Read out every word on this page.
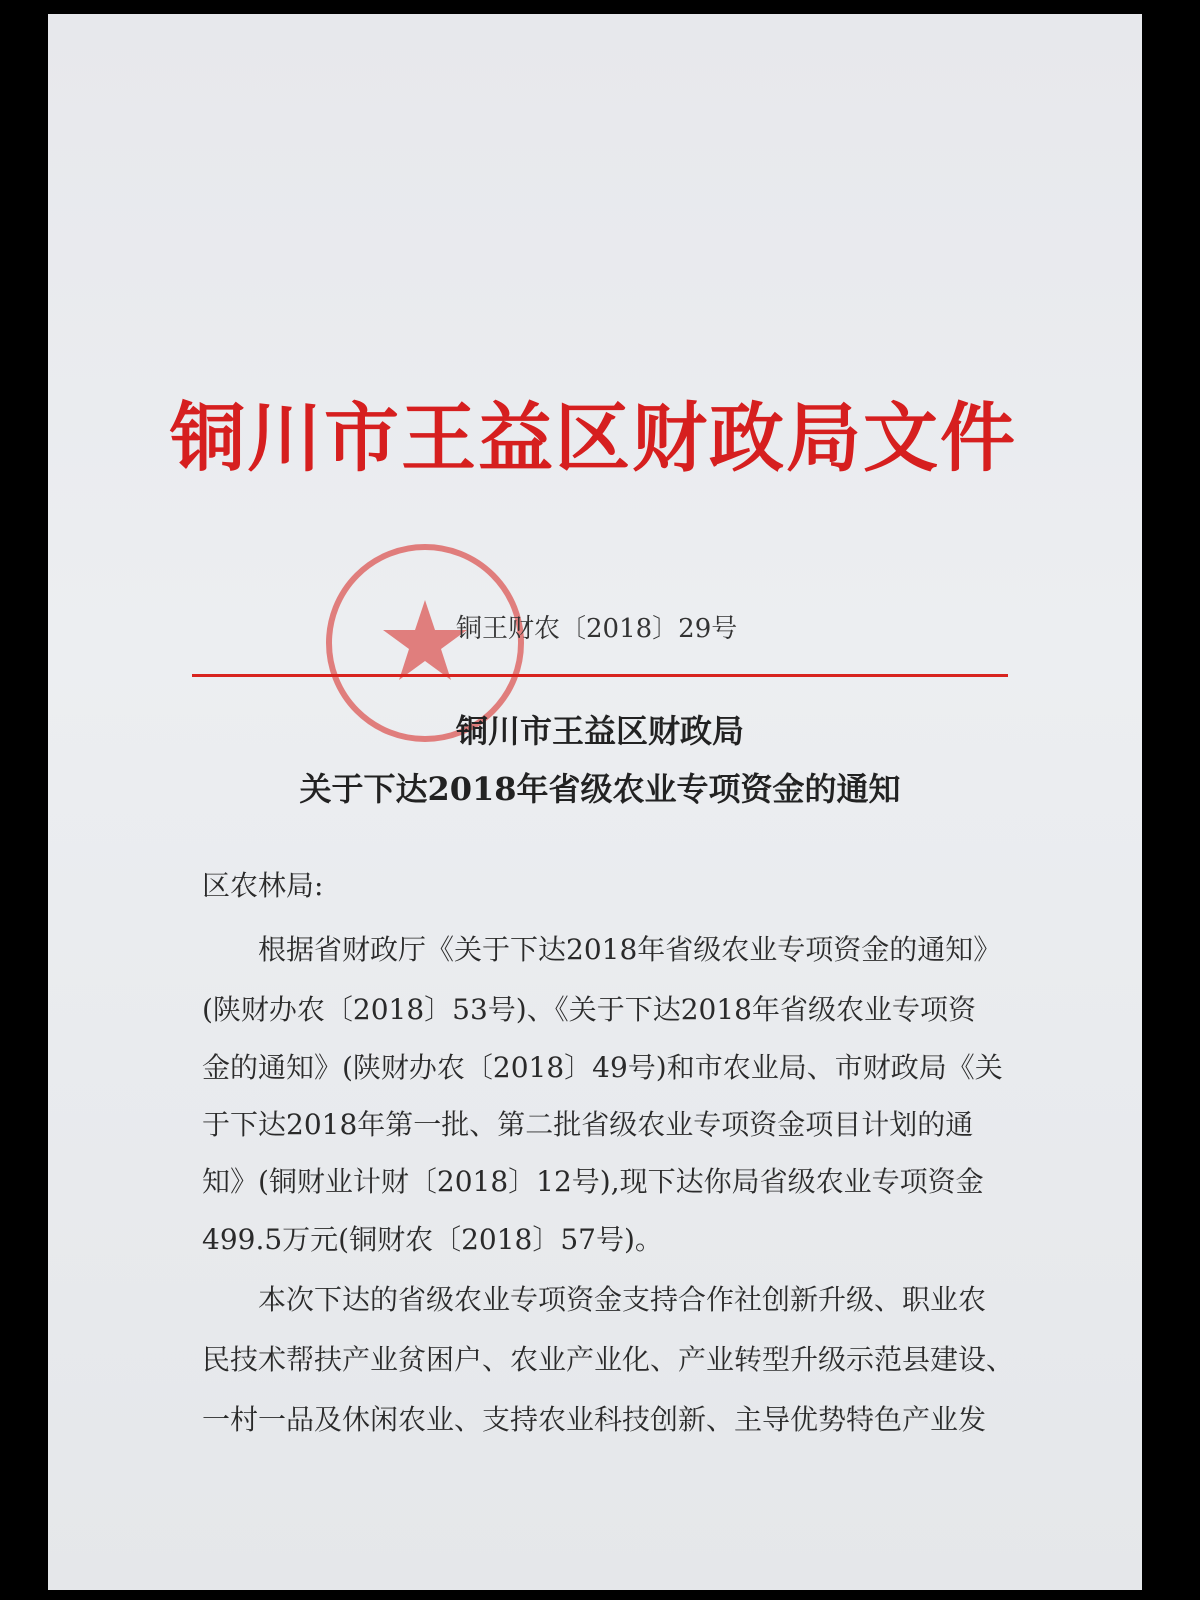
铜川市王益区财政局文件
铜王财农〔2018〕29号
铜川市王益区财政局
关于下达2018年省级农业专项资金的通知
区农林局:
根据省财政厅《关于下达2018年省级农业专项资金的通知》
(陕财办农〔2018〕53号)、《关于下达2018年省级农业专项资
金的通知》(陕财办农〔2018〕49号)和市农业局、市财政局《关
于下达2018年第一批、第二批省级农业专项资金项目计划的通
知》(铜财业计财〔2018〕12号),现下达你局省级农业专项资金
499.5万元(铜财农〔2018〕57号)。
本次下达的省级农业专项资金支持合作社创新升级、职业农
民技术帮扶产业贫困户、农业产业化、产业转型升级示范县建设、
一村一品及休闲农业、支持农业科技创新、主导优势特色产业发
